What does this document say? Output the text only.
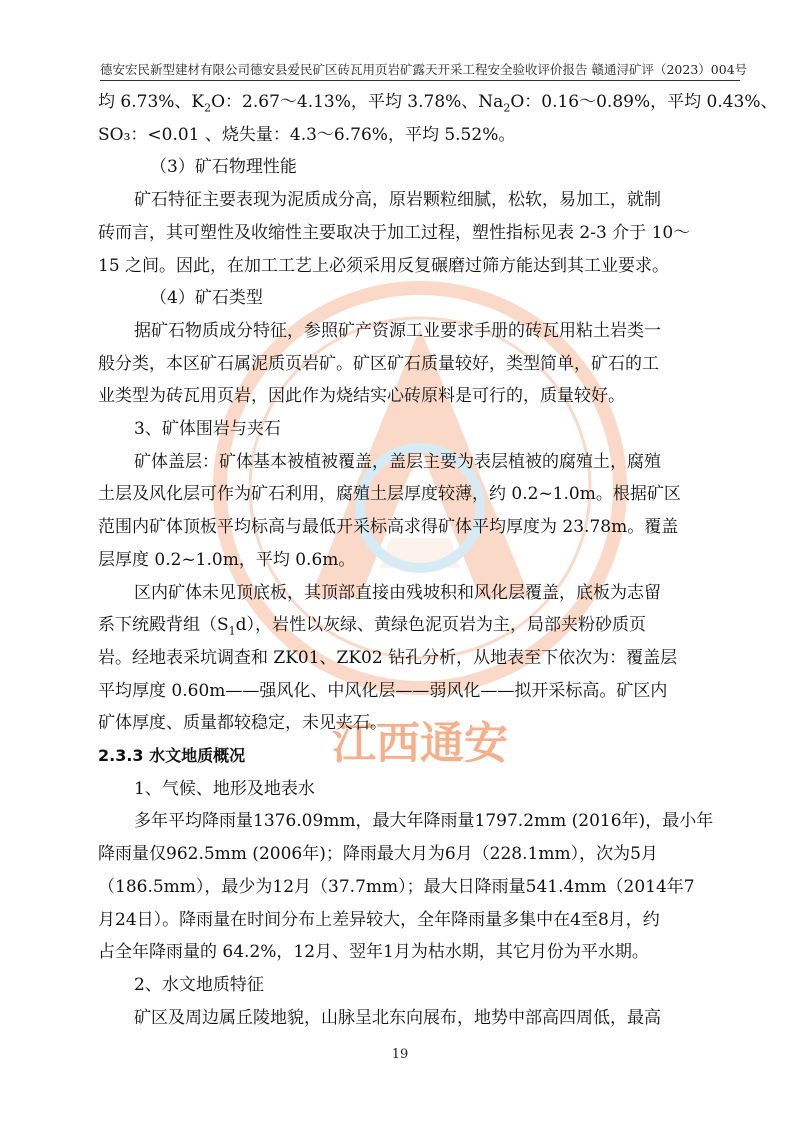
江西通安
德安宏民新型建材有限公司德安县爱民矿区砖瓦用页岩矿露天开采工程安全验收评价报告 赣通浔矿评（2023）004号
均 6.73%、$K_2O$：2.67～4.13%，平均 3.78%、$Na_2O$：0.16～0.89%，平均 0.43%、
SO₃：<0.01 、烧失量：4.3～6.76%，平均 5.52%。
（3）矿石物理性能
矿石特征主要表现为泥质成分高，原岩颗粒细腻，松软，易加工，就制
砖而言，其可塑性及收缩性主要取决于加工过程，塑性指标见表 2-3 介于 10～
15 之间。因此，在加工工艺上必须采用反复碾磨过筛方能达到其工业要求。
（4）矿石类型
据矿石物质成分特征，参照矿产资源工业要求手册的砖瓦用粘土岩类一
般分类，本区矿石属泥质页岩矿。矿区矿石质量较好，类型简单，矿石的工
业类型为砖瓦用页岩，因此作为烧结实心砖原料是可行的，质量较好。
3、矿体围岩与夹石
矿体盖层：矿体基本被植被覆盖，盖层主要为表层植被的腐殖土，腐殖
土层及风化层可作为矿石利用，腐殖土层厚度较薄，约 0.2~1.0m。根据矿区
范围内矿体顶板平均标高与最低开采标高求得矿体平均厚度为 23.78m。覆盖
层厚度 0.2~1.0m，平均 0.6m。
区内矿体未见顶底板，其顶部直接由残坡积和风化层覆盖，底板为志留
系下统殿背组$(S_1d)$，岩性以灰绿、黄绿色泥页岩为主，局部夹粉砂质页
岩。经地表采坑调查和 ZK01、ZK02 钻孔分析，从地表至下依次为：覆盖层
平均厚度 0.60m——强风化、中风化层——弱风化——拟开采标高。矿区内
矿体厚度、质量都较稳定，未见夹石。
2.3.3 水文地质概况
1、气候、地形及地表水
多年平均降雨量1376.09mm，最大年降雨量1797.2mm (2016年)，最小年
降雨量仅962.5mm (2006年)；降雨最大月为6月（228.1mm），次为5月
（186.5mm），最少为12月（37.7mm）；最大日降雨量541.4mm（2014年7
月24日）。降雨量在时间分布上差异较大，全年降雨量多集中在4至8月，约
占全年降雨量的 64.2%，12月、翌年1月为枯水期，其它月份为平水期。
2、水文地质特征
矿区及周边属丘陵地貌，山脉呈北东向展布，地势中部高四周低，最高
19
